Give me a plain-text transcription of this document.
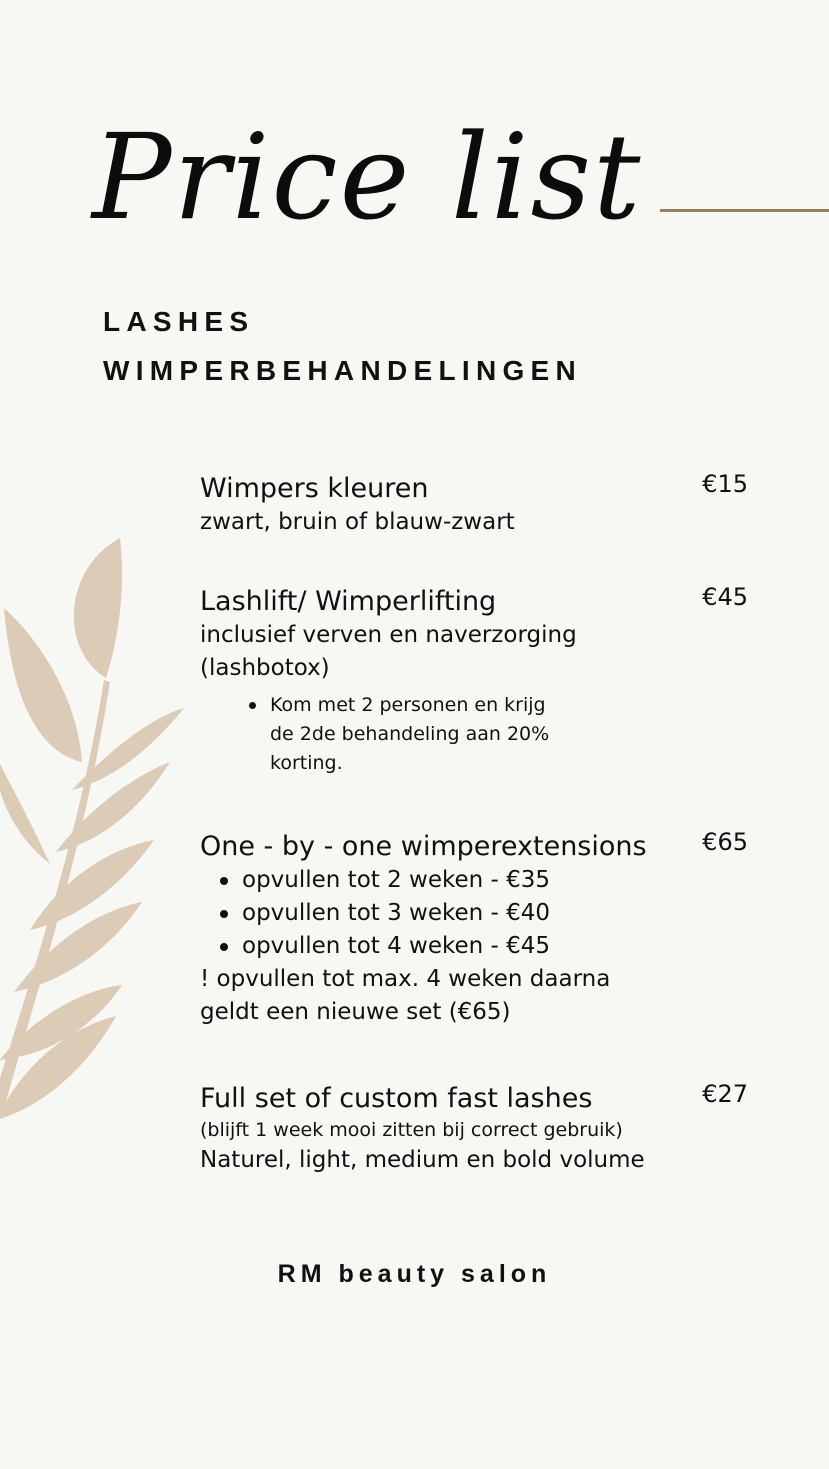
Price list
LASHES
WIMPERBEHANDELINGEN
Wimpers kleuren	€15
zwart, bruin of blauw-zwart
Lashlift/ Wimperlifting	€45
inclusief verven en naverzorging
(lashbotox)
Kom met 2 personen en krijg de 2de behandeling aan 20% korting.
One - by - one wimperextensions	€65
opvullen tot 2 weken - €35
opvullen tot 3 weken - €40
opvullen tot 4 weken - €45
! opvullen tot max. 4 weken daarna
geldt een nieuwe set (€65)
Full set of custom fast lashes	€27
(blijft 1 week mooi zitten bij correct gebruik)
Naturel, light, medium en bold volume
RM beauty salon
